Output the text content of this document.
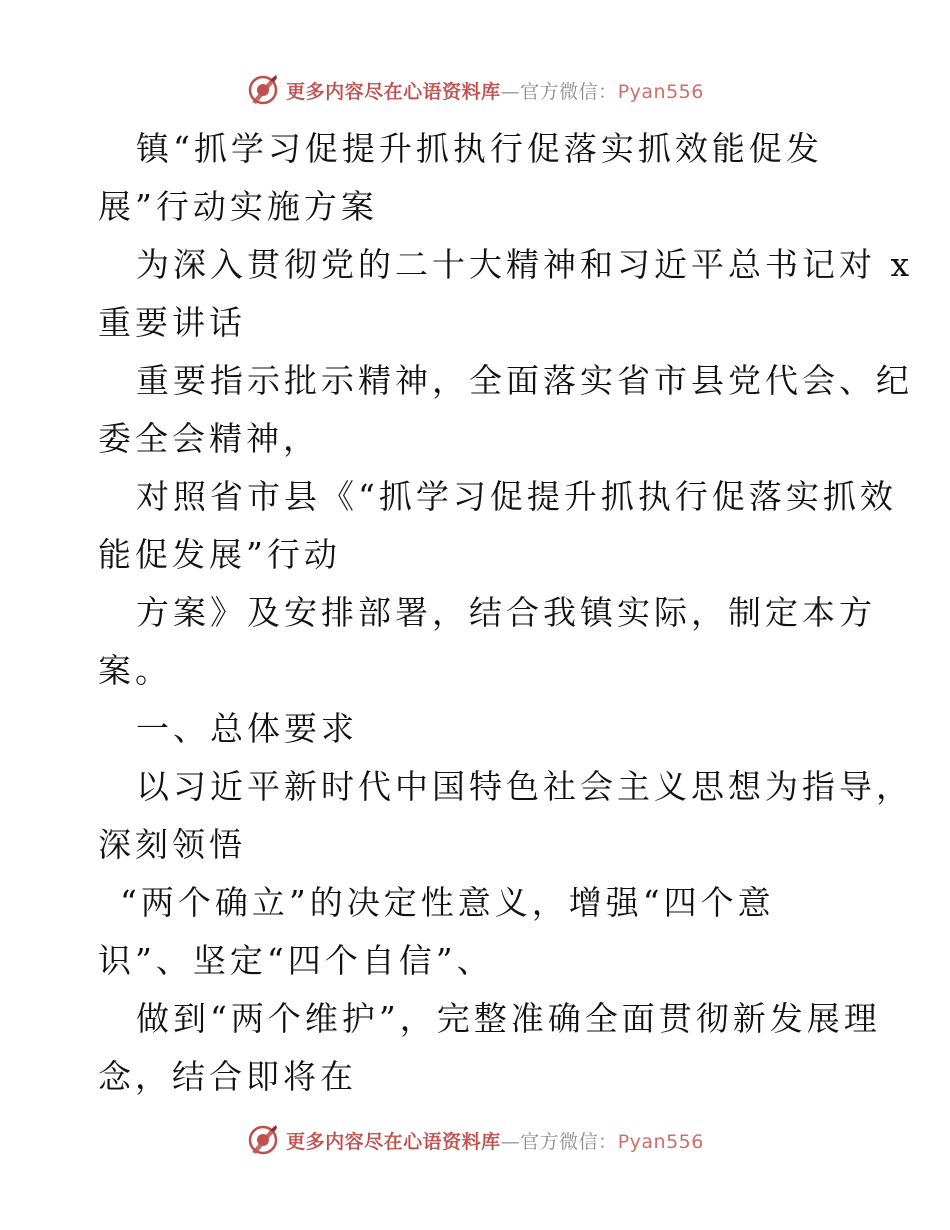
更多内容尽在心语资料库—官方微信：Pyan556
镇“抓学习促提升抓执行促落实抓效能促发
展”行动实施方案
为深入贯彻党的二十大精神和习近平总书记对 x
重要讲话
重要指示批示精神，全面落实省市县党代会、纪
委全会精神，
对照省市县《“抓学习促提升抓执行促落实抓效
能促发展”行动
方案》及安排部署，结合我镇实际，制定本方
案。
一、总体要求
以习近平新时代中国特色社会主义思想为指导，
深刻领悟
“两个确立”的决定性意义，增强“四个意
识”、坚定“四个自信”、
做到“两个维护”，完整准确全面贯彻新发展理
念，结合即将在
更多内容尽在心语资料库—官方微信：Pyan556
